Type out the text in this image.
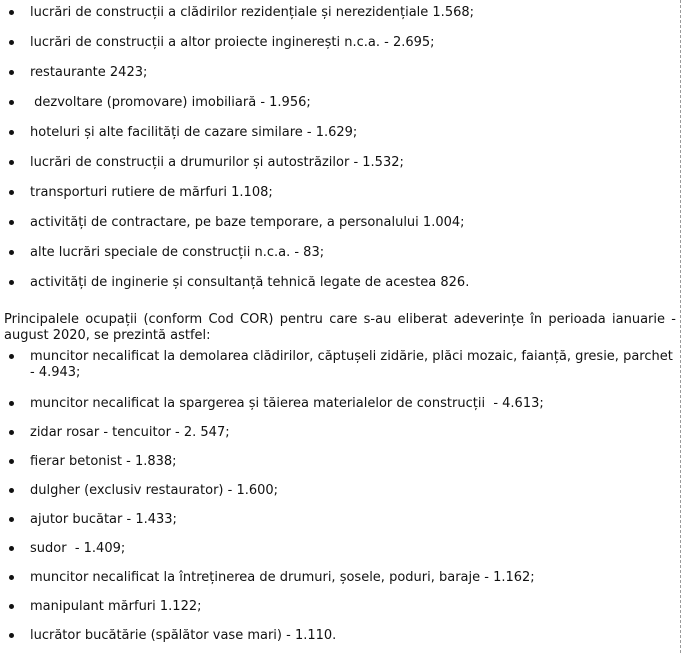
lucrări de construcții a clădirilor rezidențiale și nerezidențiale 1.568;
lucrări de construcții a altor proiecte inginerești n.c.a. - 2.695;
restaurante 2423;
dezvoltare (promovare) imobiliară - 1.956;
hoteluri și alte facilități de cazare similare - 1.629;
lucrări de construcții a drumurilor și autostrăzilor - 1.532;
transporturi rutiere de mărfuri 1.108;
activități de contractare, pe baze temporare, a personalului 1.004;
alte lucrări speciale de construcții n.c.a. - 83;
activități de inginerie și consultanță tehnică legate de acestea 826.

Principalele ocupații (conform Cod COR) pentru care s-au eliberat adeverințe în perioada ianuarie - august 2020, se prezintă astfel:

muncitor necalificat la demolarea clădirilor, căptușeli zidărie, plăci mozaic, faianță, gresie, parchet - 4.943;
muncitor necalificat la spargerea și tăierea materialelor de construcții  - 4.613;
zidar rosar - tencuitor - 2. 547;
fierar betonist - 1.838;
dulgher (exclusiv restaurator) - 1.600;
ajutor bucătar - 1.433;
sudor  - 1.409;
muncitor necalificat la întreținerea de drumuri, șosele, poduri, baraje - 1.162;
manipulant mărfuri 1.122;
lucrător bucătărie (spălător vase mari) - 1.110.
